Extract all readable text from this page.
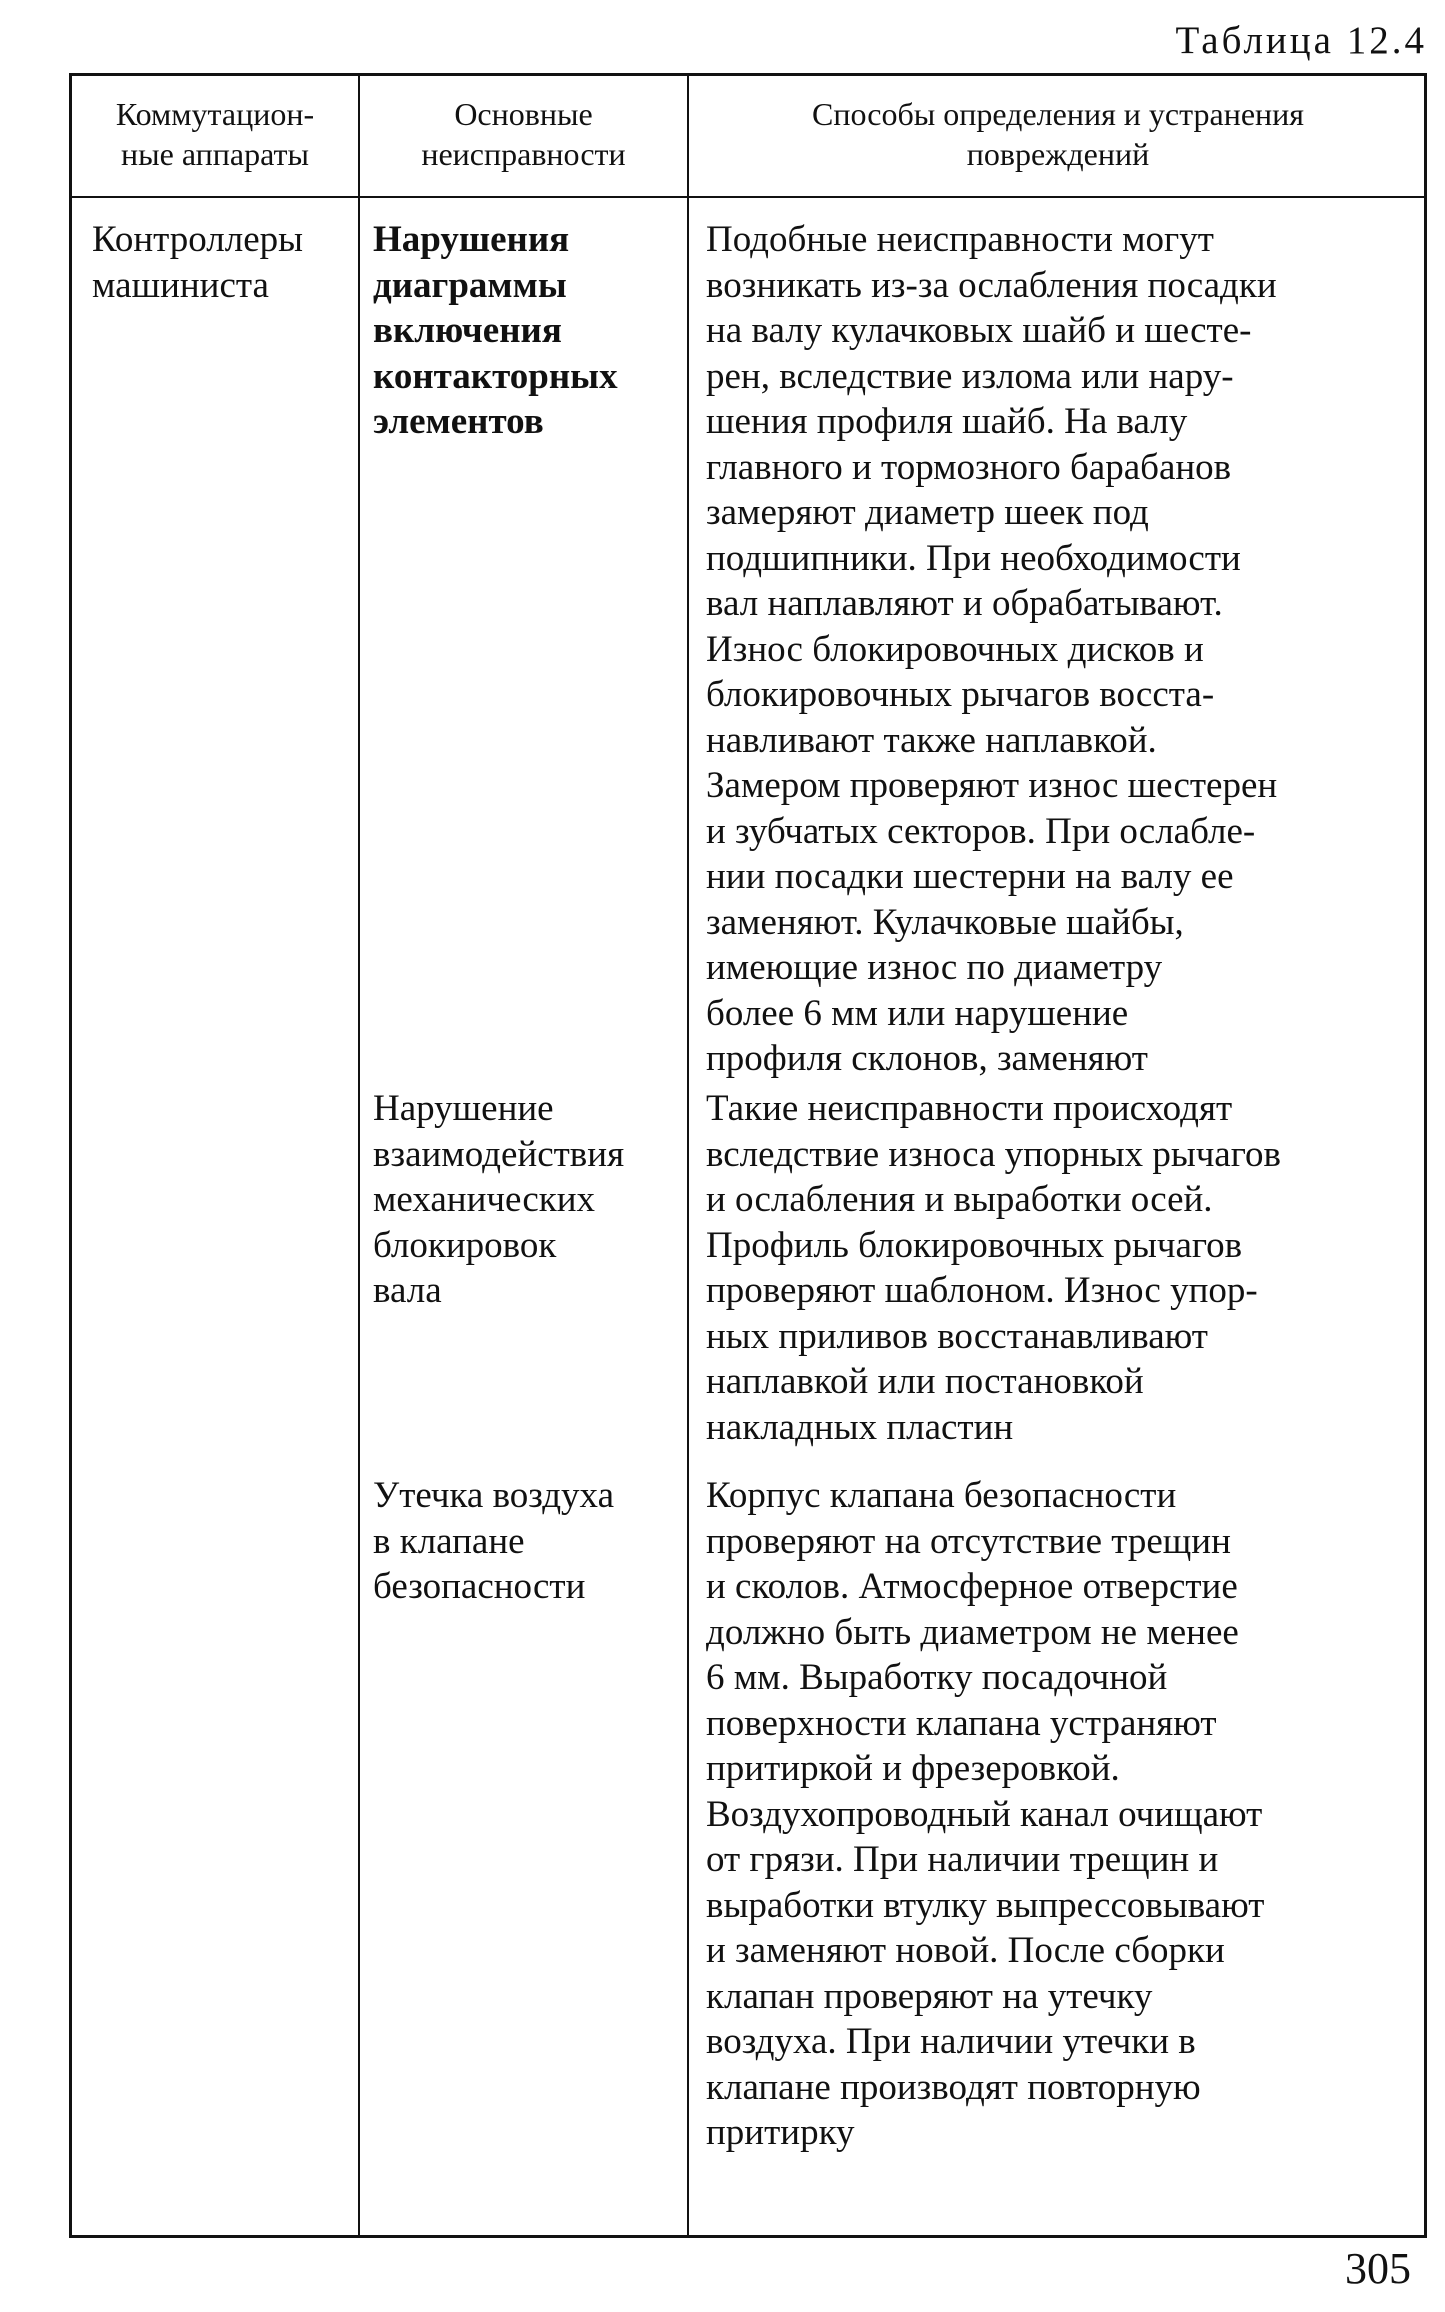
Таблица 12.4
Коммутацион-
ные аппараты
Основные
неисправности
Способы определения и устранения
повреждений
Контроллеры
машиниста
Нарушения
диаграммы
включения
контакторных
элементов
Подобные неисправности могут
возникать из-за ослабления посадки
на валу кулачковых шайб и шесте-
рен, вследствие излома или нару-
шения профиля шайб. На валу
главного и тормозного барабанов
замеряют диаметр шеек под
подшипники. При необходимости
вал наплавляют и обрабатывают.
Износ блокировочных дисков и
блокировочных рычагов восста-
навливают также наплавкой.
Замером проверяют износ шестерен
и зубчатых секторов. При ослабле-
нии посадки шестерни на валу ее
заменяют. Кулачковые шайбы,
имеющие износ по диаметру
более 6 мм или нарушение
профиля склонов, заменяют
Нарушение
взаимодействия
механических
блокировок
вала
Такие неисправности происходят
вследствие износа упорных рычагов
и ослабления и выработки осей.
Профиль блокировочных рычагов
проверяют шаблоном. Износ упор-
ных приливов восстанавливают
наплавкой или постановкой
накладных пластин
Утечка воздуха
в клапане
безопасности
Корпус клапана безопасности
проверяют на отсутствие трещин
и сколов. Атмосферное отверстие
должно быть диаметром не менее
6 мм. Выработку посадочной
поверхности клапана устраняют
притиркой и фрезеровкой.
Воздухопроводный канал очищают
от грязи. При наличии трещин и
выработки втулку выпрессовывают
и заменяют новой. После сборки
клапан проверяют на утечку
воздуха. При наличии утечки в
клапане производят повторную
притирку
305
